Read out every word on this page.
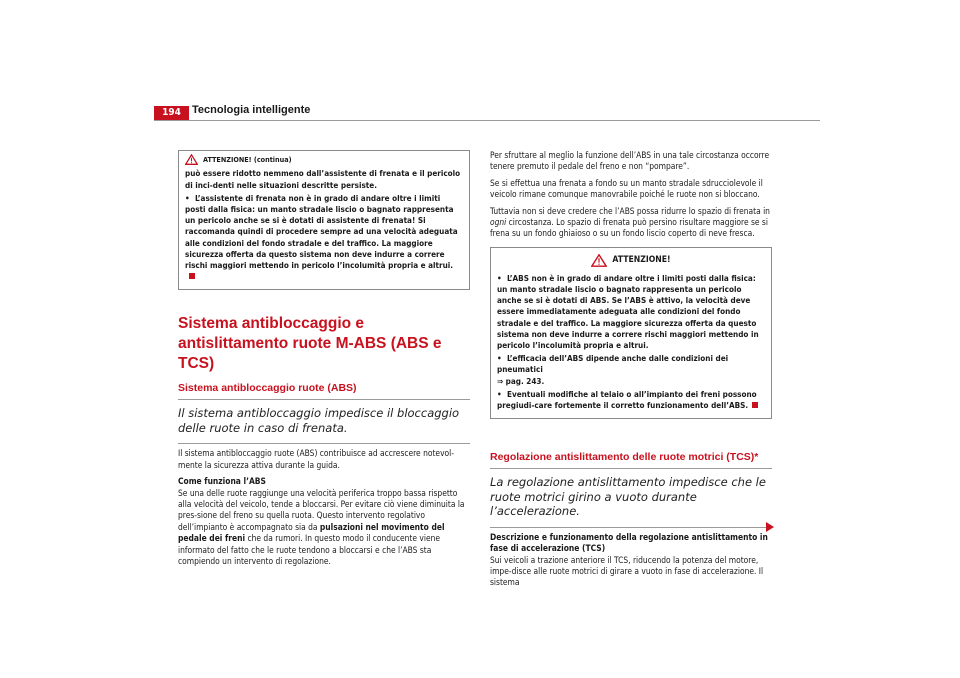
194	Tecnologia intelligente
ATTENZIONE! (continua)

può essere ridotto nemmeno dall’assistente di frenata e il pericolo di inci-denti nelle situazioni descritte persiste.

• L’assistente di frenata non è in grado di andare oltre i limiti posti dalla fisica: un manto stradale liscio o bagnato rappresenta un pericolo anche se si è dotati di assistente di frenata! Si raccomanda quindi di procedere sempre ad una velocità adeguata alle condizioni del fondo stradale e del traffico. La maggiore sicurezza offerta da questo sistema non deve indurre a correre rischi maggiori mettendo in pericolo l’incolumità propria e altrui.

Sistema antibloccaggio e antislittamento ruote M-ABS (ABS e TCS)
Sistema antibloccaggio ruote (ABS)
Il sistema antibloccaggio impedisce il bloccaggio delle ruote in caso di frenata.

Il sistema antibloccaggio ruote (ABS) contribuisce ad accrescere notevol-mente la sicurezza attiva durante la guida.

Come funziona l’ABS

Se una delle ruote raggiunge una velocità periferica troppo bassa rispetto alla velocità del veicolo, tende a bloccarsi. Per evitare ciò viene diminuita la pres-sione del freno su quella ruota. Questo intervento regolativo dell’impianto è accompagnato sia da pulsazioni nel movimento del pedale dei freni che da rumori. In questo modo il conducente viene informato del fatto che le ruote tendono a bloccarsi e che l’ABS sta compiendo un intervento di regolazione.

Per sfruttare al meglio la funzione dell’ABS in una tale circostanza occorre tenere premuto il pedale del freno e non “pompare”.

Se si effettua una frenata a fondo su un manto stradale sdrucciolevole il veicolo rimane comunque manovrabile poiché le ruote non si bloccano.

Tuttavia non si deve credere che l’ABS possa ridurre lo spazio di frenata in ogni circostanza. Lo spazio di frenata può persino risultare maggiore se si frena su un fondo ghiaioso o su un fondo liscio coperto di neve fresca.

ATTENZIONE!

• L’ABS non è in grado di andare oltre i limiti posti dalla fisica: un manto stradale liscio o bagnato rappresenta un pericolo anche se si è dotati di ABS. Se l’ABS è attivo, la velocità deve essere immediatamente adeguata alle condizioni del fondo stradale e del traffico. La maggiore sicurezza offerta da questo sistema non deve indurre a correre rischi maggiori mettendo in pericolo l’incolumità propria e altrui.

• L’efficacia dell’ABS dipende anche dalle condizioni dei pneumatici
⇒ pag. 243.

• Eventuali modifiche al telaio o all’impianto dei freni possono pregiudi-care fortemente il corretto funzionamento dell’ABS.

Regolazione antislittamento delle ruote motrici (TCS)*
La regolazione antislittamento impedisce che le ruote motrici girino a vuoto durante l’accelerazione.

Descrizione e funzionamento della regolazione antislittamento in fase di accelerazione (TCS)

Sui veicoli a trazione anteriore il TCS, riducendo la potenza del motore, impe-disce alle ruote motrici di girare a vuoto in fase di accelerazione. Il sistema
